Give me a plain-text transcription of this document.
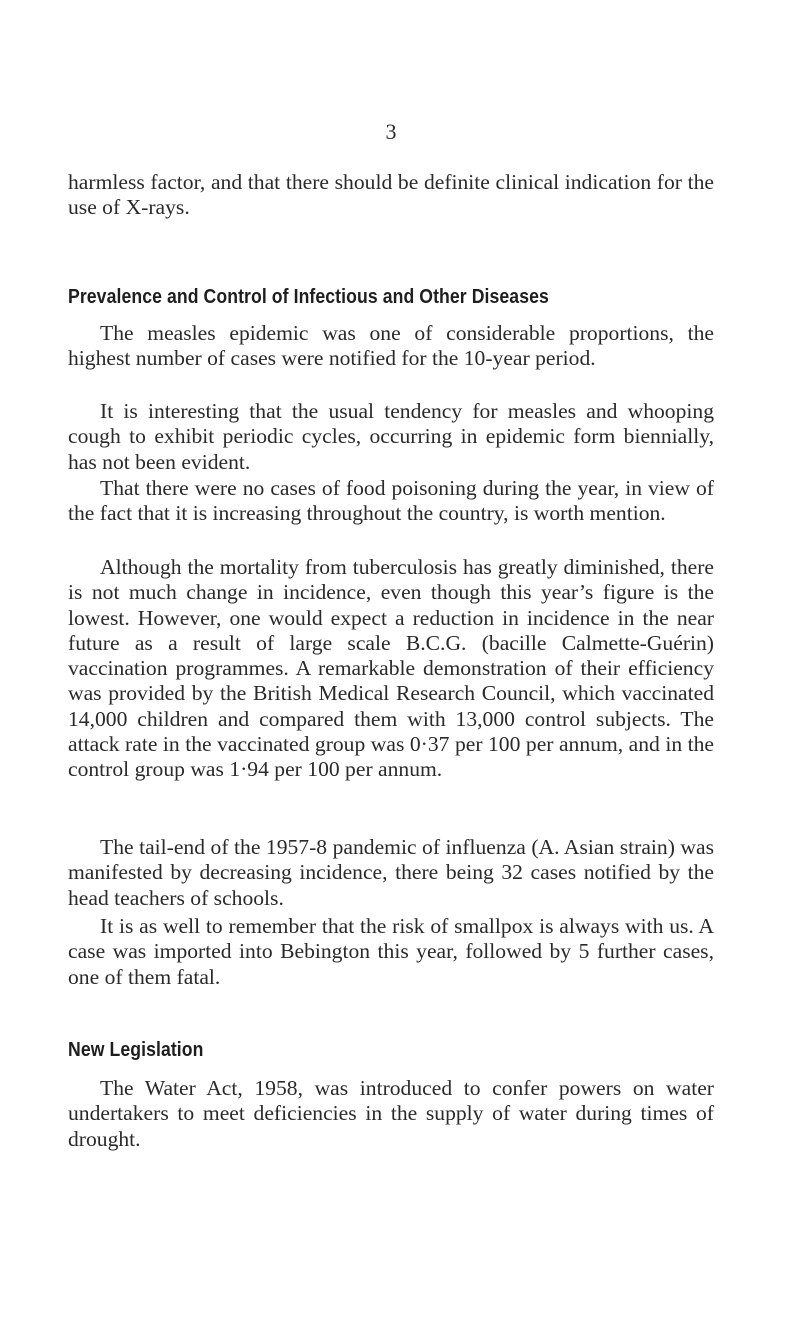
3

harmless factor, and that there should be definite clinical indication for the use of X-rays.

Prevalence and Control of Infectious and Other Diseases

The measles epidemic was one of considerable proportions, the highest number of cases were notified for the 10-year period.

It is interesting that the usual tendency for measles and whooping cough to exhibit periodic cycles, occurring in epidemic form biennially, has not been evident.

That there were no cases of food poisoning during the year, in view of the fact that it is increasing throughout the country, is worth mention.

Although the mortality from tuberculosis has greatly diminished, there is not much change in incidence, even though this year’s figure is the lowest. However, one would expect a reduction in incidence in the near future as a result of large scale B.C.G. (bacille Calmette-Guérin) vaccination programmes. A remarkable demonstration of their efficiency was provided by the British Medical Research Council, which vaccinated 14,000 children and compared them with 13,000 control subjects. The attack rate in the vaccinated group was 0·37 per 100 per annum, and in the control group was 1·94 per 100 per annum.

The tail-end of the 1957-8 pandemic of influenza (A. Asian strain) was manifested by decreasing incidence, there being 32 cases notified by the head teachers of schools.

It is as well to remember that the risk of smallpox is always with us. A case was imported into Bebington this year, followed by 5 further cases, one of them fatal.

New Legislation

The Water Act, 1958, was introduced to confer powers on water undertakers to meet deficiencies in the supply of water during times of drought.
